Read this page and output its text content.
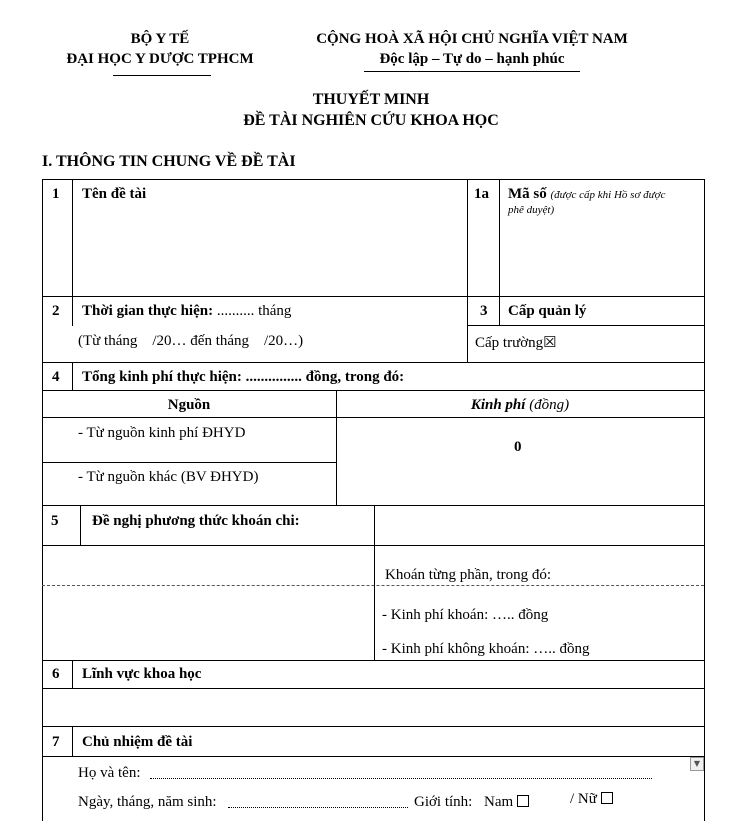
BỘ Y TẾ
ĐẠI HỌC Y DƯỢC TPHCM
CỘNG HOÀ XÃ HỘI CHỦ NGHĨA VIỆT NAM
Độc lập – Tự do – hạnh phúc
THUYẾT MINH
ĐỀ TÀI NGHIÊN CỨU KHOA HỌC
I. THÔNG TIN CHUNG VỀ ĐỀ TÀI
1 Tên đề tài	1a Mã số (được cấp khi Hồ sơ được
phê duyệt)
2 Thời gian thực hiện: .......... tháng
(Từ tháng    /20… đến tháng    /20…)
3 Cấp quản lý
Cấp trường☒
4 Tổng kinh phí thực hiện: ............... đồng, trong đó:
Nguồn	Kinh phí (đồng)
- Từ nguồn kinh phí ĐHYD
0
- Từ nguồn khác (BV ĐHYD)
5 Đề nghị phương thức khoán chi:
Khoán từng phần, trong đó:
- Kinh phí khoán: ….. đồng
- Kinh phí không khoán: ….. đồng
6 Lĩnh vực khoa học
7 Chủ nhiệm đề tài
Họ và tên:
▼
Ngày, tháng, năm sinh:	Giới tính: Nam	/ Nữ
